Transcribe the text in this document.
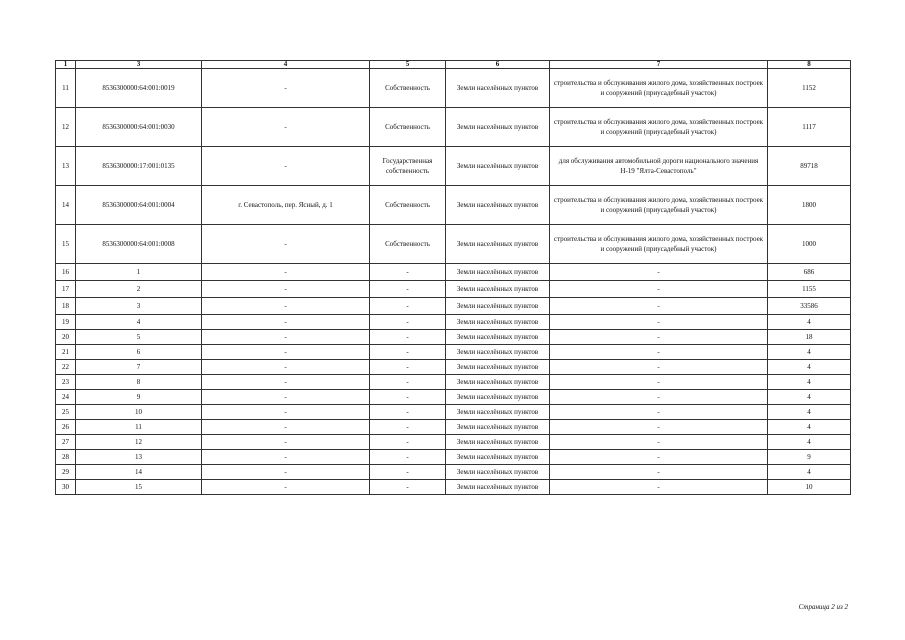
1	3	4	5	6	7	8
11	8536300000:64:001:0019	-	Собственность	Земли населённых пунктов	строительства и обслуживания жилого дома, хозяйственных построек и сооружений (приусадебный участок)	1152
12	8536300000:64:001:0030	-	Собственность	Земли населённых пунктов	строительства и обслуживания жилого дома, хозяйственных построек и сооружений (приусадебный участок)	1117
13	8536300000:17:001:0135	-	Государственная собственность	Земли населённых пунктов	для обслуживания автомобильной дороги национального значения Н-19 "Ялта-Севастополь"	89718
14	8536300000:64:001:0004	г. Севастополь, пер. Ясный, д. 1	Собственность	Земли населённых пунктов	строительства и обслуживания жилого дома, хозяйственных построек и сооружений (приусадебный участок)	1800
15	8536300000:64:001:0008	-	Собственность	Земли населённых пунктов	строительства и обслуживания жилого дома, хозяйственных построек и сооружений (приусадебный участок)	1000
16	1	-	-	Земли населённых пунктов	-	686
17	2	-	-	Земли населённых пунктов	-	1155
18	3	-	-	Земли населённых пунктов	-	33586
19	4	-	-	Земли населённых пунктов	-	4
20	5	-	-	Земли населённых пунктов	-	18
21	6	-	-	Земли населённых пунктов	-	4
22	7	-	-	Земли населённых пунктов	-	4
23	8	-	-	Земли населённых пунктов	-	4
24	9	-	-	Земли населённых пунктов	-	4
25	10	-	-	Земли населённых пунктов	-	4
26	11	-	-	Земли населённых пунктов	-	4
27	12	-	-	Земли населённых пунктов	-	4
28	13	-	-	Земли населённых пунктов	-	9
29	14	-	-	Земли населённых пунктов	-	4
30	15	-	-	Земли населённых пунктов	-	10
Страница 2 из 2
